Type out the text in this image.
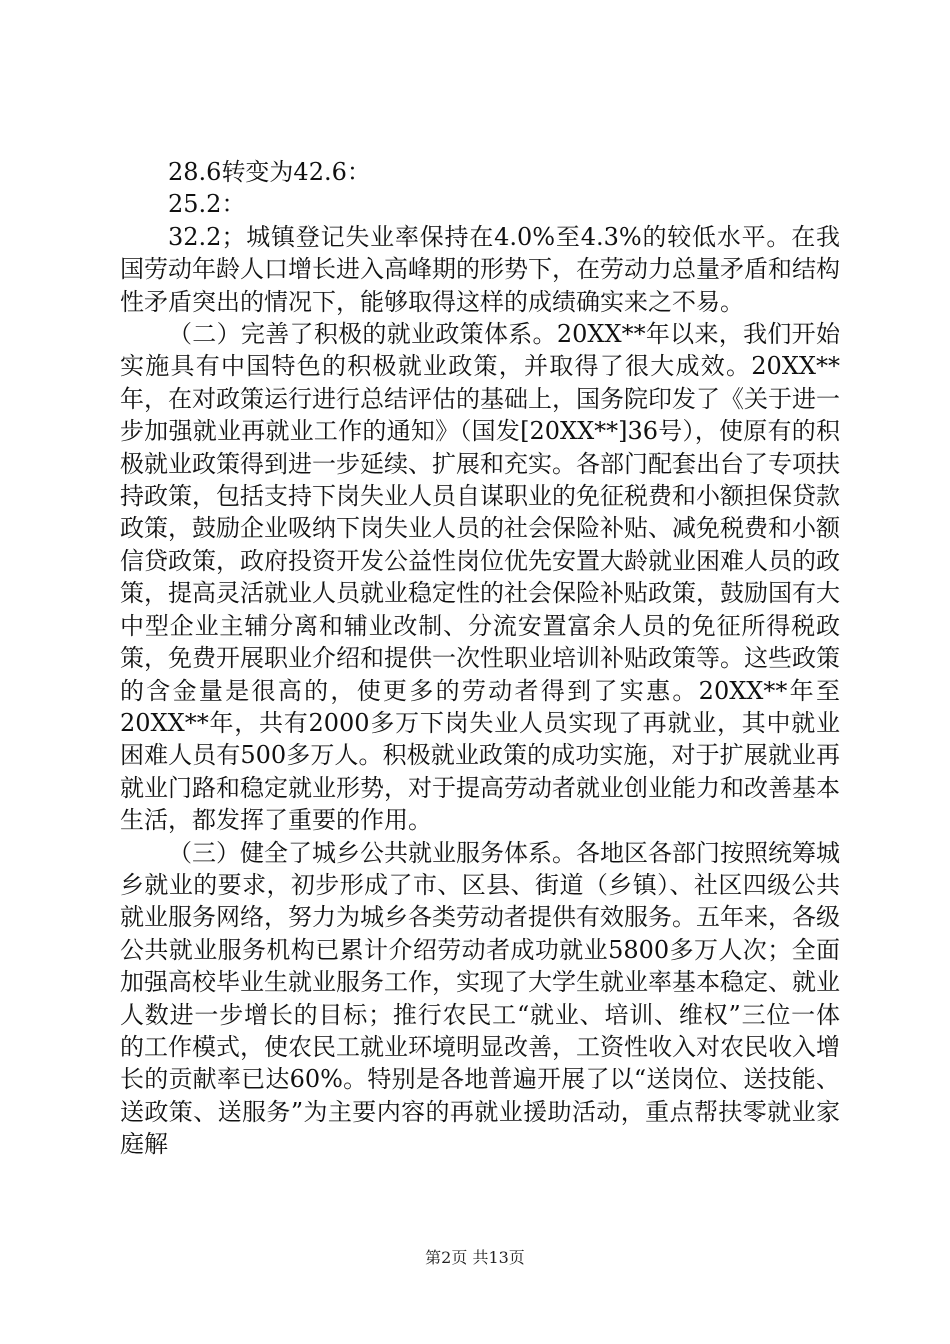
28.6转变为42.6：

25.2：

32.2；城镇登记失业率保持在4.0%至4.3%的较低水平。在我国劳动年龄人口增长进入高峰期的形势下，在劳动力总量矛盾和结构性矛盾突出的情况下，能够取得这样的成绩确实来之不易。

（二）完善了积极的就业政策体系。20XX**年以来，我们开始实施具有中国特色的积极就业政策，并取得了很大成效。20XX**年，在对政策运行进行总结评估的基础上，国务院印发了《关于进一步加强就业再就业工作的通知》（国发[20XX**]36号），使原有的积极就业政策得到进一步延续、扩展和充实。各部门配套出台了专项扶持政策，包括支持下岗失业人员自谋职业的免征税费和小额担保贷款政策，鼓励企业吸纳下岗失业人员的社会保险补贴、减免税费和小额信贷政策，政府投资开发公益性岗位优先安置大龄就业困难人员的政策，提高灵活就业人员就业稳定性的社会保险补贴政策，鼓励国有大中型企业主辅分离和辅业改制、分流安置富余人员的免征所得税政策，免费开展职业介绍和提供一次性职业培训补贴政策等。这些政策的含金量是很高的，使更多的劳动者得到了实惠。20XX**年至20XX**年，共有2000多万下岗失业人员实现了再就业，其中就业困难人员有500多万人。积极就业政策的成功实施，对于扩展就业再就业门路和稳定就业形势，对于提高劳动者就业创业能力和改善基本生活，都发挥了重要的作用。

（三）健全了城乡公共就业服务体系。各地区各部门按照统筹城乡就业的要求，初步形成了市、区县、街道（乡镇）、社区四级公共就业服务网络，努力为城乡各类劳动者提供有效服务。五年来，各级公共就业服务机构已累计介绍劳动者成功就业5800多万人次；全面加强高校毕业生就业服务工作，实现了大学生就业率基本稳定、就业人数进一步增长的目标；推行农民工“就业、培训、维权”三位一体的工作模式，使农民工就业环境明显改善，工资性收入对农民收入增长的贡献率已达60%。特别是各地普遍开展了以“送岗位、送技能、送政策、送服务”为主要内容的再就业援助活动，重点帮扶零就业家庭解

第2页 共13页
